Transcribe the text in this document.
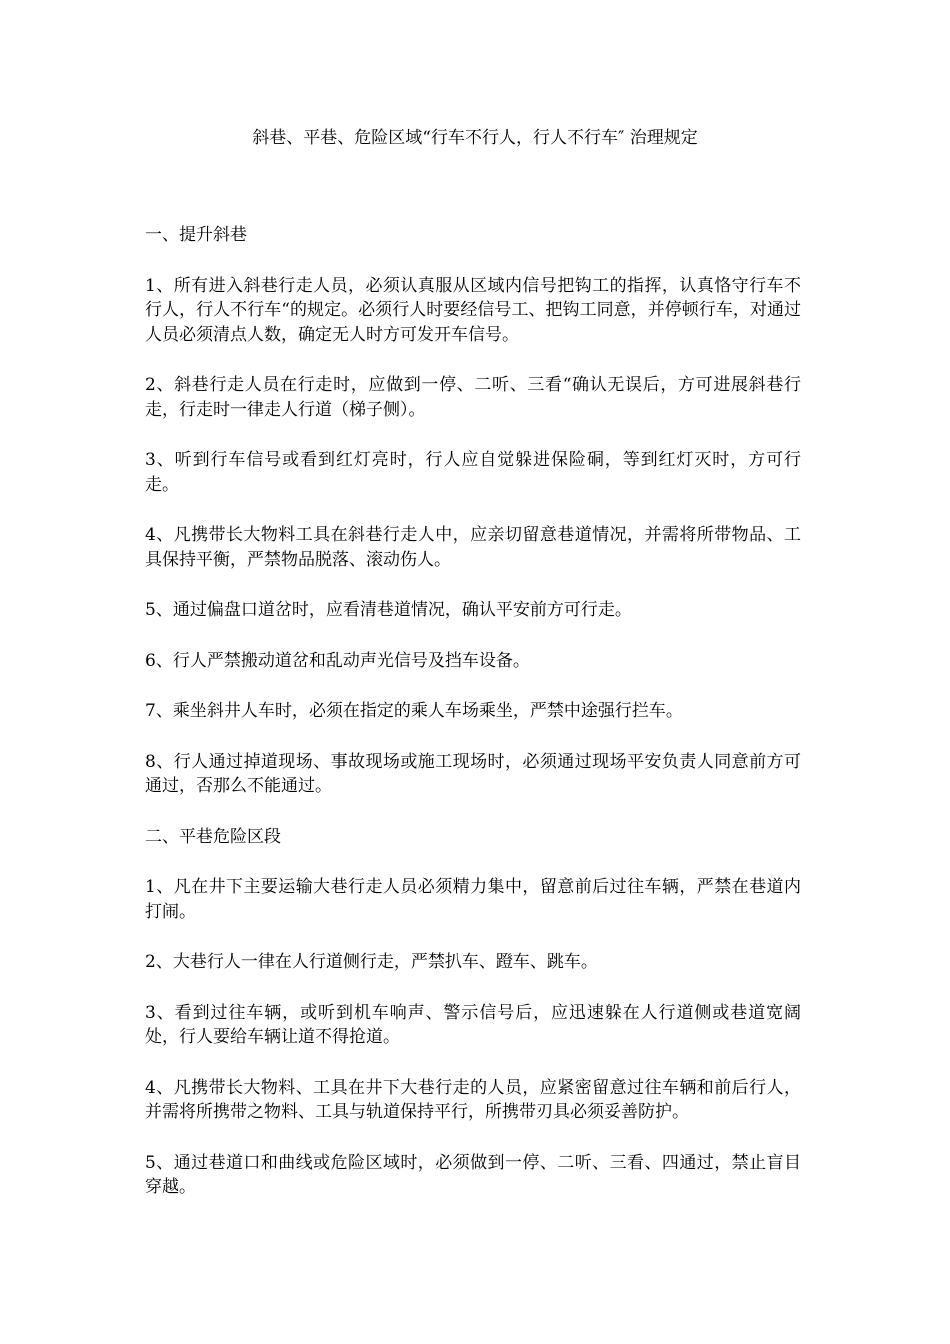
斜巷、平巷、危险区域“行车不行人，行人不行车″ 治理规定

一、提升斜巷

1、所有进入斜巷行走人员，必须认真服从区域内信号把钩工的指挥，认真恪守行车不行人，行人不行车“的规定。必须行人时要经信号工、把钩工同意，并停顿行车，对通过人员必须清点人数，确定无人时方可发开车信号。

2、斜巷行走人员在行走时，应做到一停、二听、三看“确认无误后，方可进展斜巷行走，行走时一律走人行道（梯子侧）。

3、听到行车信号或看到红灯亮时，行人应自觉躲进保险硐，等到红灯灭时，方可行走。

4、凡携带长大物料工具在斜巷行走人中，应亲切留意巷道情况，并需将所带物品、工具保持平衡，严禁物品脱落、滚动伤人。

5、通过偏盘口道岔时，应看清巷道情况，确认平安前方可行走。

6、行人严禁搬动道岔和乱动声光信号及挡车设备。

7、乘坐斜井人车时，必须在指定的乘人车场乘坐，严禁中途强行拦车。

8、行人通过掉道现场、事故现场或施工现场时，必须通过现场平安负责人同意前方可通过，否那么不能通过。

二、平巷危险区段

1、凡在井下主要运输大巷行走人员必须精力集中，留意前后过往车辆，严禁在巷道内打闹。

2、大巷行人一律在人行道侧行走，严禁扒车、蹬车、跳车。

3、看到过往车辆，或听到机车响声、警示信号后，应迅速躲在人行道侧或巷道宽阔处，行人要给车辆让道不得抢道。

4、凡携带长大物料、工具在井下大巷行走的人员，应紧密留意过往车辆和前后行人，并需将所携带之物料、工具与轨道保持平行，所携带刃具必须妥善防护。

5、通过巷道口和曲线或危险区域时，必须做到一停、二听、三看、四通过，禁止盲目穿越。
